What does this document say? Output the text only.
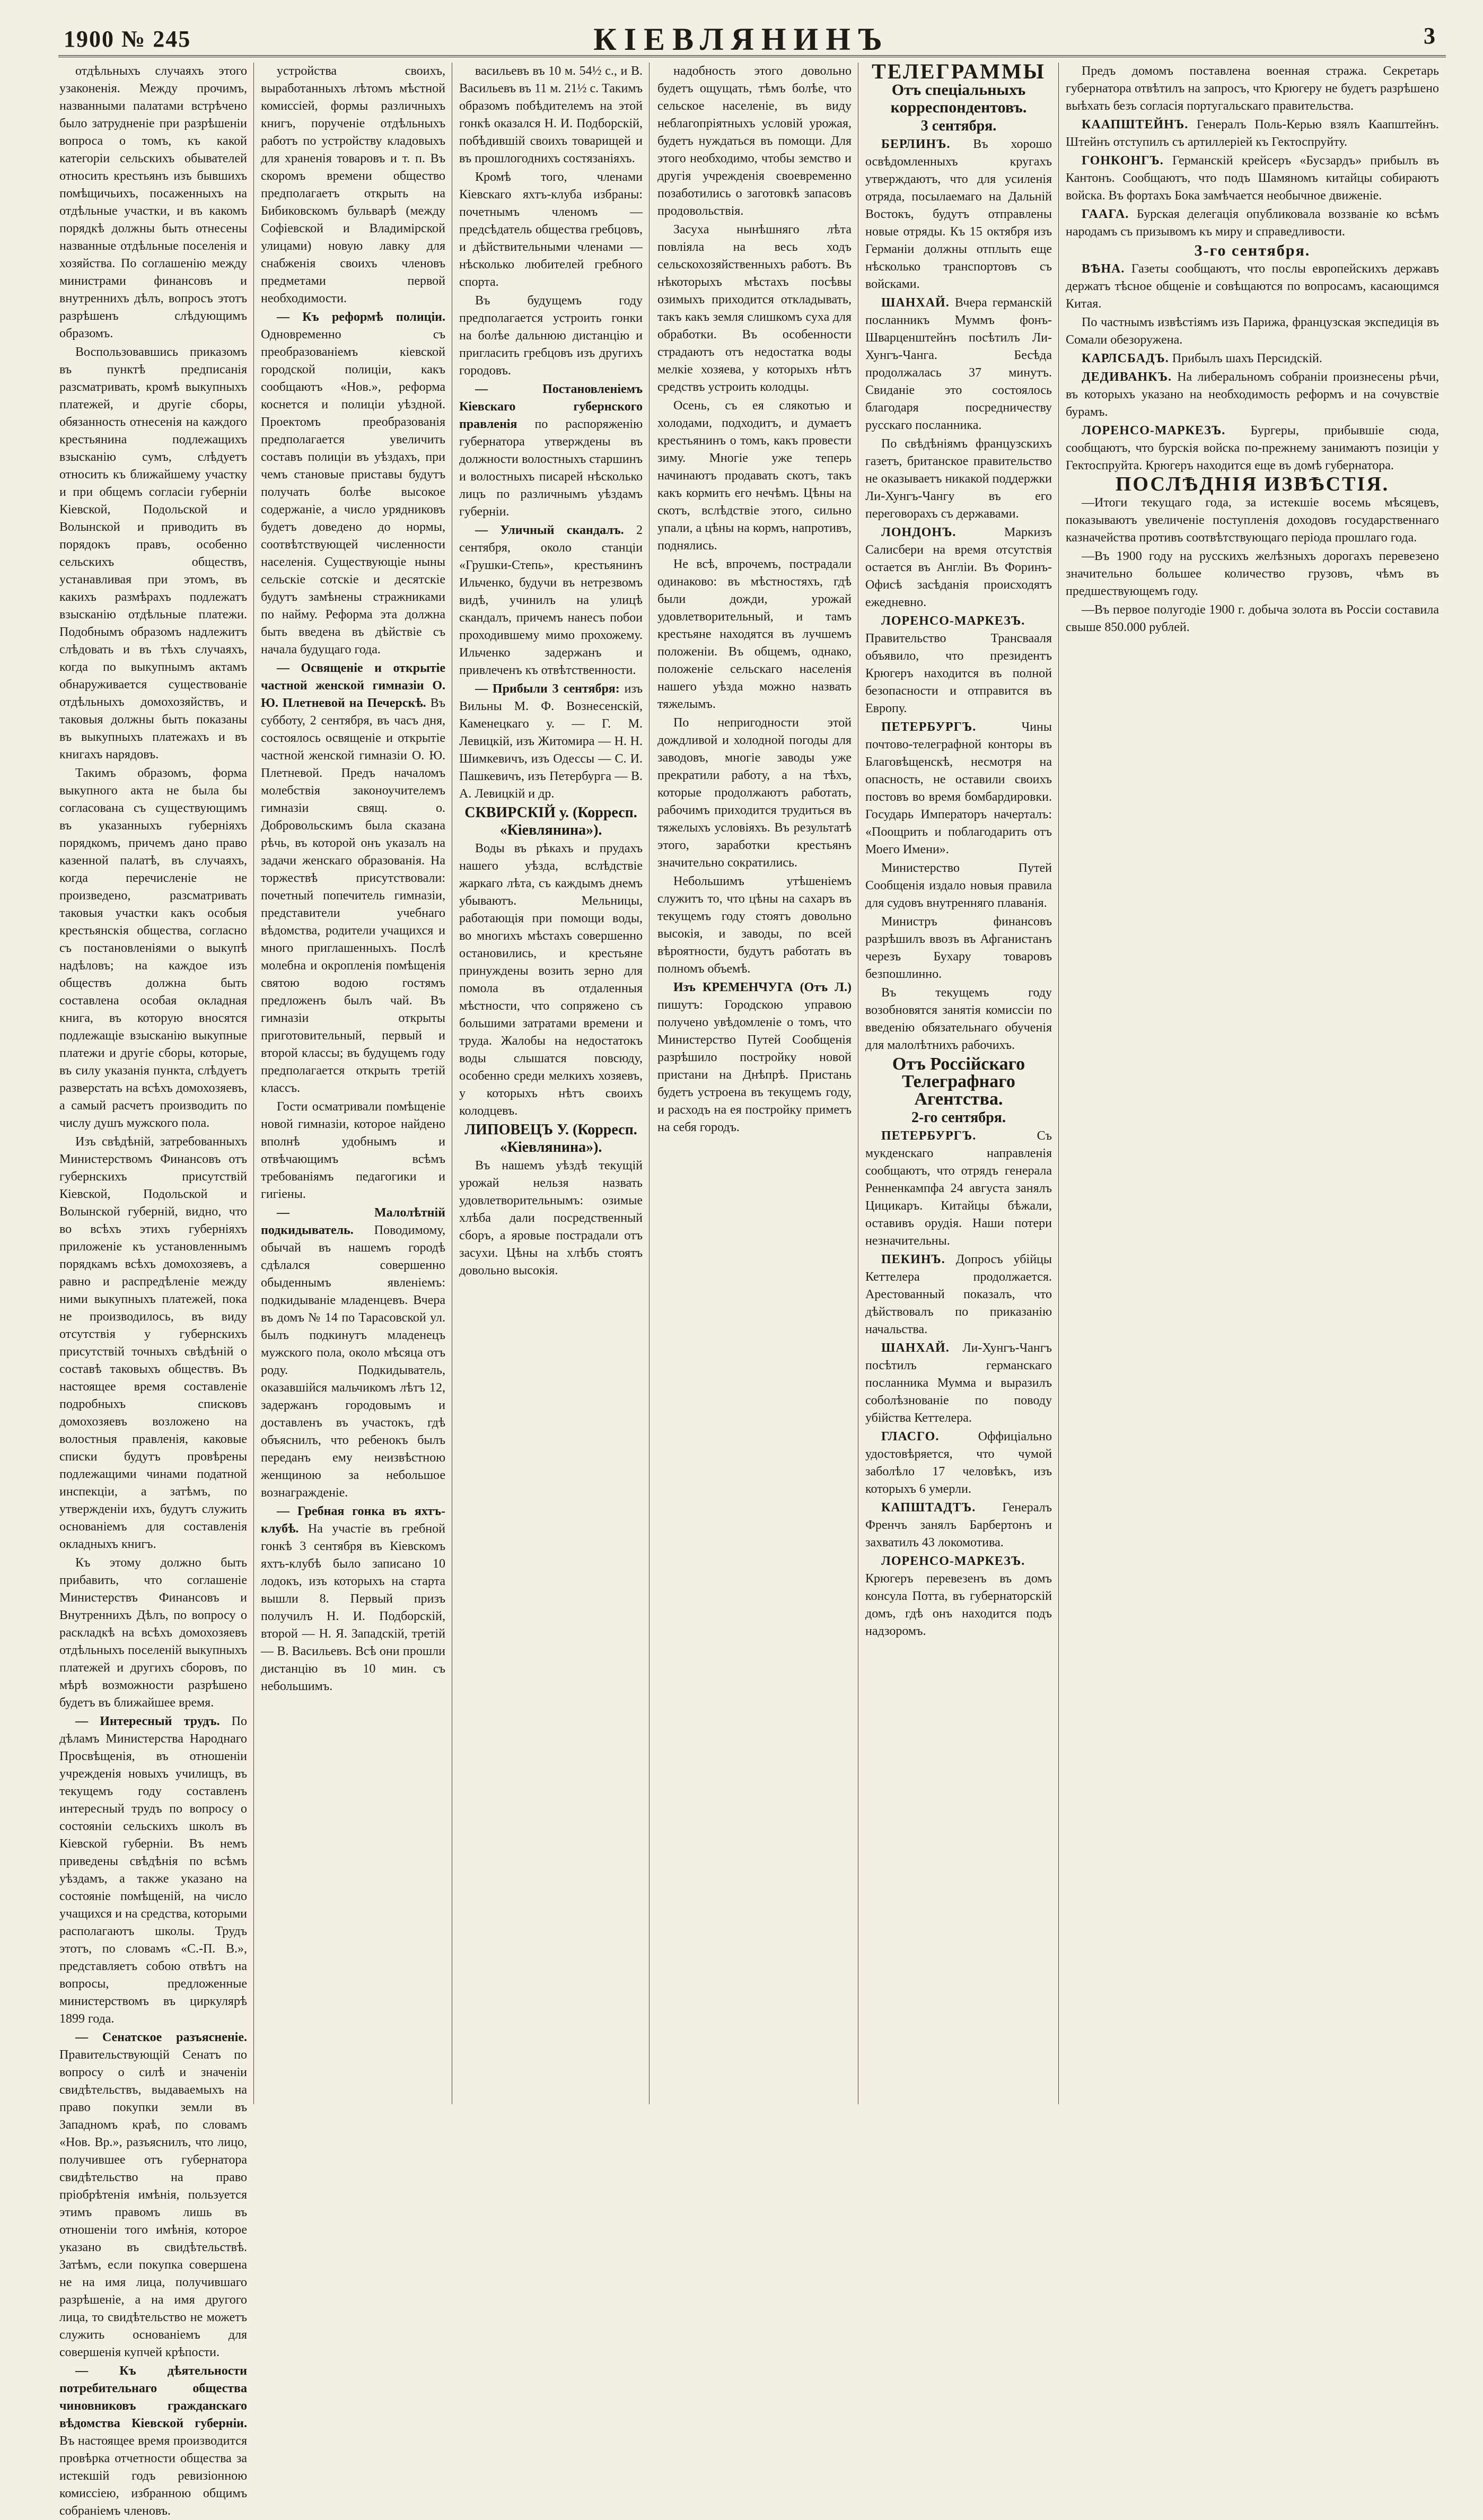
1900 № 245	КІЕВЛЯНИНЪ	3

отдѣльныхъ случаяхъ этого узаконенія. Между прочимъ, названными палатами встрѣчено было затрудненіе при разрѣшеніи вопроса о томъ, къ какой категоріи сельскихъ обывателей относить крестьянъ изъ бывшихъ помѣщичьихъ, посаженныхъ на отдѣльные участки, и въ какомъ порядкѣ должны быть отнесены названные отдѣльные поселенія и хозяйства. По соглашенію между министрами финансовъ и внутреннихъ дѣлъ, вопросъ этотъ разрѣшенъ слѣдующимъ образомъ.

Воспользовавшись приказомъ въ пунктѣ предписанія разсматривать, кромѣ выкупныхъ платежей, и другіе сборы, обязанность отнесенія на каждого крестьянина подлежащихъ взысканію сумъ, слѣдуетъ относить къ ближайшему участку и при общемъ согласіи губерніи Кіевской, Подольской и Волынской и приводить въ порядокъ правъ, особенно сельскихъ обществъ, устанавливая при этомъ, въ какихъ размѣрахъ подлежатъ взысканію отдѣльные платежи. Подобнымъ образомъ надлежитъ слѣдовать и въ тѣхъ случаяхъ, когда по выкупнымъ актамъ обнаруживается существованіе отдѣльныхъ домохозяйствъ, и таковыя должны быть показаны въ выкупныхъ платежахъ и въ книгахъ нарядовъ.

Такимъ образомъ, форма выкупного акта не была бы согласована съ существующимъ въ указанныхъ губерніяхъ порядкомъ, причемъ дано право казенной палатѣ, въ случаяхъ, когда перечисленіе не произведено, разсматривать таковыя участки какъ особыя крестьянскія общества, согласно съ постановленіями о выкупѣ надѣловъ; на каждое изъ обществъ должна быть составлена особая окладная книга, въ которую вносятся подлежащіе взысканію выкупные платежи и другіе сборы, которые, въ силу указанія пункта, слѣдуетъ разверстать на всѣхъ домохозяевъ, а самый расчетъ производить по числу душъ мужского пола.

Изъ свѣдѣній, затребованныхъ Министерствомъ Финансовъ отъ губернскихъ присутствій Кіевской, Подольской и Волынской губерній, видно, что во всѣхъ этихъ губерніяхъ приложеніе къ установленнымъ порядкамъ всѣхъ домохозяевъ, а равно и распредѣленіе между ними выкупныхъ платежей, пока не производилось, въ виду отсутствія у губернскихъ присутствій точныхъ свѣдѣній о составѣ таковыхъ обществъ. Въ настоящее время составленіе подробныхъ списковъ домохозяевъ возложено на волостныя правленія, каковые списки будутъ провѣрены подлежащими чинами податной инспекціи, а затѣмъ, по утвержденіи ихъ, будутъ служить основаніемъ для составленія окладныхъ книгъ.

Къ этому должно быть прибавить, что соглашеніе Министерствъ Финансовъ и Внутреннихъ Дѣлъ, по вопросу о раскладкѣ на всѣхъ домохозяевъ отдѣльныхъ поселеній выкупныхъ платежей и другихъ сборовъ, по мѣрѣ возможности разрѣшено будетъ въ ближайшее время.

— Интересный трудъ. По дѣламъ Министерства Народнаго Просвѣщенія, въ отношеніи учрежденія новыхъ училищъ, въ текущемъ году составленъ интересный трудъ по вопросу о состояніи сельскихъ школъ въ Кіевской губерніи. Въ немъ приведены свѣдѣнія по всѣмъ уѣздамъ, а также указано на состояніе помѣщеній, на число учащихся и на средства, которыми располагаютъ школы. Трудъ этотъ, по словамъ «С.-П. В.», представляетъ собою отвѣтъ на вопросы, предложенные министерствомъ въ циркулярѣ 1899 года.

— Сенатское разъясненіе. Правительствующій Сенатъ по вопросу о силѣ и значеніи свидѣтельствъ, выдаваемыхъ на право покупки земли въ Западномъ краѣ, по словамъ «Нов. Вр.», разъяснилъ, что лицо, получившее отъ губернатора свидѣтельство на право пріобрѣтенія имѣнія, пользуется этимъ правомъ лишь въ отношеніи того имѣнія, которое указано въ свидѣтельствѣ. Затѣмъ, если покупка совершена не на имя лица, получившаго разрѣшеніе, а на имя другого лица, то свидѣтельство не можетъ служить основаніемъ для совершенія купчей крѣпости.

— Къ дѣятельности потребительнаго общества чиновниковъ гражданскаго вѣдомства Кіевской губерніи. Въ настоящее время производится провѣрка отчетности общества за истекшій годъ ревизіонною комиссіею, избранною общимъ собраніемъ членовъ.

устройства своихъ, выработанныхъ лѣтомъ мѣстной комиссіей, формы различныхъ книгъ, порученіе отдѣльныхъ работъ по устройству кладовыхъ для храненія товаровъ и т. п. Въ скоромъ времени общество предполагаетъ открыть на Бибиковскомъ бульварѣ (между Софіевской и Владимірской улицами) новую лавку для снабженія своихъ членовъ предметами первой необходимости.

— Къ реформѣ полиціи. Одновременно съ преобразованіемъ кіевской городской полиціи, какъ сообщаютъ «Нов.», реформа коснется и полиціи уѣздной. Проектомъ преобразованія предполагается увеличить составъ полиціи въ уѣздахъ, при чемъ становые приставы будутъ получать болѣе высокое содержаніе, а число урядниковъ будетъ доведено до нормы, соотвѣтствующей численности населенія. Существующіе ныны сельскіе сотскіе и десятскіе будутъ замѣнены стражниками по найму. Реформа эта должна быть введена въ дѣйствіе съ начала будущаго года.

— Освященіе и открытіе частной женской гимназіи О. Ю. Плетневой на Печерскѣ. Въ субботу, 2 сентября, въ часъ дня, состоялось освященіе и открытіе частной женской гимназіи О. Ю. Плетневой. Предъ началомъ молебствія законоучителемъ гимназіи свящ. о. Добровольскимъ была сказана рѣчь, въ которой онъ указалъ на задачи женскаго образованія. На торжествѣ присутствовали: почетный попечитель гимназіи, представители учебнаго вѣдомства, родители учащихся и много приглашенныхъ. Послѣ молебна и окропленія помѣщенія святою водою гостямъ предложенъ былъ чай. Въ гимназіи открыты приготовительный, первый и второй классы; въ будущемъ году предполагается открыть третій классъ.

Гости осматривали помѣщеніе новой гимназіи, которое найдено вполнѣ удобнымъ и отвѣчающимъ всѣмъ требованіямъ педагогики и гигіены.

— Малолѣтній подкидыватель. Поводимому, обычай въ нашемъ городѣ сдѣлался совершенно обыденнымъ явленіемъ: подкидываніе младенцевъ. Вчера въ домъ № 14 по Тарасовской ул. былъ подкинутъ младенецъ мужского пола, около мѣсяца отъ роду. Подкидыватель, оказавшійся мальчикомъ лѣтъ 12, задержанъ городовымъ и доставленъ въ участокъ, гдѣ объяснилъ, что ребенокъ былъ переданъ ему неизвѣстною женщиною за небольшое вознагражденіе.

— Гребная гонка въ яхтъ-клубѣ. На участіе въ гребной гонкѣ 3 сентября въ Кіевскомъ яхтъ-клубѣ было записано 10 лодокъ, изъ которыхъ на старта вышли 8. Первый призъ получилъ Н. И. Подборскій, второй — Н. Я. Западскій, третій — В. Васильевъ. Всѣ они прошли дистанцію въ 10 мин. съ небольшимъ.

васильевъ въ 10 м. 54½ с., и В. Васильевъ въ 11 м. 21½ с. Такимъ образомъ побѣдителемъ на этой гонкѣ оказался Н. И. Подборскій, побѣдившій своихъ товарищей и въ прошлогоднихъ состязаніяхъ.

Кромѣ того, членами Кіевскаго яхтъ-клуба избраны: почетнымъ членомъ — предсѣдатель общества гребцовъ, и дѣйствительными членами — нѣсколько любителей гребного спорта.

Въ будущемъ году предполагается устроить гонки на болѣе дальнюю дистанцію и пригласить гребцовъ изъ другихъ городовъ.

— Постановленіемъ Кіевскаго губернского правленія по распоряженію губернатора утверждены въ должности волостныхъ старшинъ и волостныхъ писарей нѣсколько лицъ по различнымъ уѣздамъ губерніи.

— Уличный скандалъ. 2 сентября, около станціи «Грушки-Степь», крестьянинъ Ильченко, будучи въ нетрезвомъ видѣ, учинилъ на улицѣ скандалъ, причемъ нанесъ побои проходившему мимо прохожему. Ильченко задержанъ и привлеченъ къ отвѣтственности.

— Прибыли 3 сентября: изъ Вильны М. Ф. Вознесенскій, Каменецкаго у. — Г. М. Левицкій, изъ Житомира — Н. Н. Шимкевичъ, изъ Одессы — С. И. Пашкевичъ, изъ Петербурга — В. А. Левицкій и др.

СКВИРСКІЙ у. (Корресп. «Кіевлянина»).

Воды въ рѣкахъ и прудахъ нашего уѣзда, вслѣдствіе жаркаго лѣта, съ каждымъ днемъ убываютъ. Мельницы, работающія при помощи воды, во многихъ мѣстахъ совершенно остановились, и крестьяне принуждены возить зерно для помола въ отдаленныя мѣстности, что сопряжено съ большими затратами времени и труда. Жалобы на недостатокъ воды слышатся повсюду, особенно среди мелкихъ хозяевъ, у которыхъ нѣтъ своихъ колодцевъ.

ЛИПОВЕЦЪ У. (Корресп. «Кіевлянина»).

Въ нашемъ уѣздѣ текущій урожай нельзя назвать удовлетворительнымъ: озимые хлѣба дали посредственный сборъ, а яровые пострадали отъ засухи. Цѣны на хлѣбъ стоятъ довольно высокія.

надобность этого довольно будетъ ощущать, тѣмъ болѣе, что сельское населеніе, въ виду неблагопріятныхъ условій урожая, будетъ нуждаться въ помощи. Для этого необходимо, чтобы земство и другія учрежденія своевременно позаботились о заготовкѣ запасовъ продовольствія.

Засуха нынѣшняго лѣта повліяла на весь ходъ сельскохозяйственныхъ работъ. Въ нѣкоторыхъ мѣстахъ посѣвы озимыхъ приходится откладывать, такъ какъ земля слишкомъ суха для обработки. Въ особенности страдаютъ отъ недостатка воды мелкіе хозяева, у которыхъ нѣтъ средствъ устроить колодцы.

Осень, съ ея слякотью и холодами, подходитъ, и думаетъ крестьянинъ о томъ, какъ провести зиму. Многіе уже теперь начинаютъ продавать скотъ, такъ какъ кормить его нечѣмъ. Цѣны на скотъ, вслѣдствіе этого, сильно упали, а цѣны на кормъ, напротивъ, поднялись.

Не всѣ, впрочемъ, пострадали одинаково: въ мѣстностяхъ, гдѣ были дожди, урожай удовлетворительный, и тамъ крестьяне находятся въ лучшемъ положеніи. Въ общемъ, однако, положеніе сельскаго населенія нашего уѣзда можно назвать тяжелымъ.

По непригодности этой дождливой и холодной погоды для заводовъ, многіе заводы уже прекратили работу, а на тѣхъ, которые продолжаютъ работать, рабочимъ приходится трудиться въ тяжелыхъ условіяхъ. Въ результатѣ этого, заработки крестьянъ значительно сократились.

Небольшимъ утѣшеніемъ служитъ то, что цѣны на сахаръ въ текущемъ году стоятъ довольно высокія, и заводы, по всей вѣроятности, будутъ работать въ полномъ объемѣ.

Изъ КРЕМЕНЧУГА (Отъ Л.) пишутъ: Городскою управою получено увѣдомленіе о томъ, что Министерство Путей Сообщенія разрѣшило постройку новой пристани на Днѣпрѣ. Пристань будетъ устроена въ текущемъ году, и расходъ на ея постройку приметъ на себя городъ.

ТЕЛЕГРАММЫ

Отъ спеціальныхъ корреспондентовъ.

3 сентября.

БЕРЛИНЪ. Въ хорошо освѣдомленныхъ кругахъ утверждаютъ, что для усиленія отряда, посылаемаго на Дальній Востокъ, будутъ отправлены новые отряды. Къ 15 октября изъ Германіи должны отплыть еще нѣсколько транспортовъ съ войсками.

ШАНХАЙ. Вчера германскій посланникъ Муммъ фонъ-Шварценштейнъ посѣтилъ Ли-Хунгъ-Чанга. Бесѣда продолжалась 37 минутъ. Свиданіе это состоялось благодаря посредничеству русскаго посланника.

По свѣдѣніямъ французскихъ газетъ, британское правительство не оказываетъ никакой поддержки Ли-Хунгъ-Чангу въ его переговорахъ съ державами.

ЛОНДОНЪ. Маркизъ Салисбери на время отсутствія остается въ Англіи. Въ Форинъ-Офисѣ засѣданія происходятъ ежедневно.

ЛОРЕНСО-МАРКЕЗЪ. Правительство Трансвааля объявило, что президентъ Крюгеръ находится въ полной безопасности и отправится въ Европу.

ПЕТЕРБУРГЪ. Чины почтово-телеграфной конторы въ Благовѣщенскѣ, несмотря на опасность, не оставили своихъ постовъ во время бомбардировки. Государь Императоръ начерталъ: «Поощрить и поблагодарить отъ Моего Имени».

Министерство Путей Сообщенія издало новыя правила для судовъ внутренняго плаванія.

Министръ финансовъ разрѣшилъ ввозъ въ Афганистанъ черезъ Бухару товаровъ безпошлинно.

Въ текущемъ году возобновятся занятія комиссіи по введенію обязательнаго обученія для малолѣтнихъ рабочихъ.

Отъ Россійскаго Телеграфнаго Агентства.

2-го сентября.

ПЕТЕРБУРГЪ. Съ мукденскаго направленія сообщаютъ, что отрядъ генерала Ренненкампфа 24 августа занялъ Цицикаръ. Китайцы бѣжали, оставивъ орудія. Наши потери незначительны.

ПЕКИНЪ. Допросъ убійцы Кеттелера продолжается. Арестованный показалъ, что дѣйствовалъ по приказанію начальства.

ШАНХАЙ. Ли-Хунгъ-Чангъ посѣтилъ германскаго посланника Мумма и выразилъ соболѣзнованіе по поводу убійства Кеттелера.

ГЛАСГО. Оффиціально удостовѣряется, что чумой заболѣло 17 человѣкъ, изъ которыхъ 6 умерли.

КАПШТАДТЪ. Генералъ Френчъ занялъ Барбертонъ и захватилъ 43 локомотива.

ЛОРЕНСО-МАРКЕЗЪ. Крюгеръ перевезенъ въ домъ консула Потта, въ губернаторскій домъ, гдѣ онъ находится подъ надзоромъ.

Предъ домомъ поставлена военная стража. Секретарь губернатора отвѣтилъ на запросъ, что Крюгеру не будетъ разрѣшено выѣхать безъ согласія португальскаго правительства.

КААПШТЕЙНЪ. Генералъ Поль-Керью взялъ Каапштейнъ. Штейнъ отступилъ съ артиллеріей къ Гектоспруйту.

ГОНКОНГЪ. Германскій крейсеръ «Бусзардъ» прибылъ въ Кантонъ. Сообщаютъ, что подъ Шамяномъ китайцы собираютъ войска. Въ фортахъ Бока замѣчается необычное движеніе.

ГААГА. Бурская делегація опубликовала воззваніе ко всѣмъ народамъ съ призывомъ къ миру и справедливости.

3-го сентября.

ВѢНА. Газеты сообщаютъ, что послы европейскихъ державъ держатъ тѣсное общеніе и совѣщаются по вопросамъ, касающимся Китая.

По частнымъ извѣстіямъ изъ Парижа, французская экспедиція въ Сомали обезоружена.

КАРЛСБАДЪ. Прибылъ шахъ Персидскій.

ДЕДИВАНКЪ. На либеральномъ собраніи произнесены рѣчи, въ которыхъ указано на необходимость реформъ и на сочувствіе бурамъ.

ЛОРЕНСО-МАРКЕЗЪ. Бургеры, прибывшіе сюда, сообщаютъ, что бурскія войска по-прежнему занимаютъ позиціи у Гектоспруйта. Крюгеръ находится еще въ домѣ губернатора.

ПОСЛѢДНІЯ ИЗВѢСТІЯ.

—Итоги текущаго года, за истекшіе восемь мѣсяцевъ, показываютъ увеличеніе поступленія доходовъ государственнаго казначейства противъ соотвѣтствующаго періода прошлаго года.

—Въ 1900 году на русскихъ желѣзныхъ дорогахъ перевезено значительно большее количество грузовъ, чѣмъ въ предшествующемъ году.

—Въ первое полугодіе 1900 г. добыча золота въ Россіи составила свыше 850.000 рублей.
